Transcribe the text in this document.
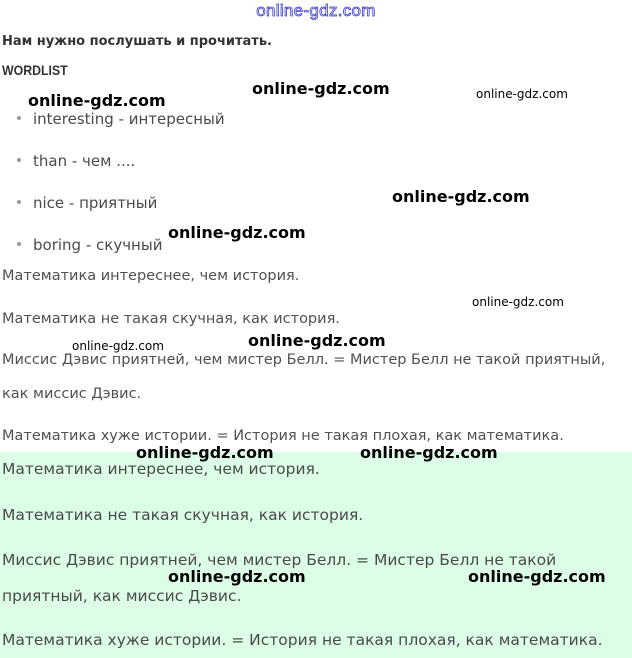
online-gdz.com
Нам нужно послушать и прочитать.
WORDLIST
interesting - интересный
than - чем ....
nice - приятный
boring - скучный
Математика интереснее, чем история.
Математика не такая скучная, как история.
Миссис Дэвис приятней, чем мистер Белл. = Мистер Белл не такой приятный,
как миссис Дэвис.
Математика хуже истории. = История не такая плохая, как математика.
Математика интереснее, чем история.
Математика не такая скучная, как история.
Миссис Дэвис приятней, чем мистер Белл. = Мистер Белл не такой
приятный, как миссис Дэвис.
Математика хуже истории. = История не такая плохая, как математика.
online-gdz.com
online-gdz.com	online-gdz.com
online-gdz.com
online-gdz.com
online-gdz.com
online-gdz.com
online-gdz.com
online-gdz.com	online-gdz.com
online-gdz.com	online-gdz.com
